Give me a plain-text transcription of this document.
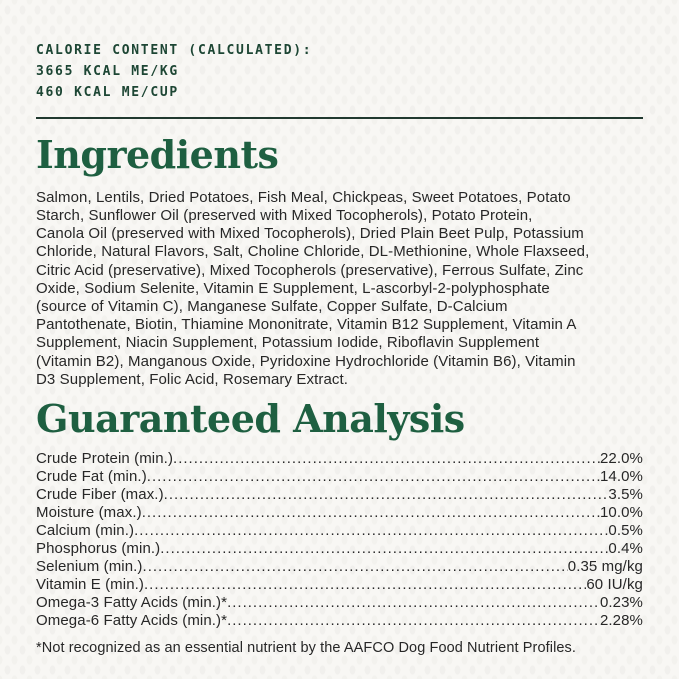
CALORIE CONTENT (CALCULATED):
3665 KCAL ME/KG
460 KCAL ME/CUP
Ingredients
Salmon, Lentils, Dried Potatoes, Fish Meal, Chickpeas, Sweet Potatoes, Potato
Starch, Sunflower Oil (preserved with Mixed Tocopherols), Potato Protein,
Canola Oil (preserved with Mixed Tocopherols), Dried Plain Beet Pulp, Potassium
Chloride, Natural Flavors, Salt, Choline Chloride, DL-Methionine, Whole Flaxseed,
Citric Acid (preservative), Mixed Tocopherols (preservative), Ferrous Sulfate, Zinc
Oxide, Sodium Selenite, Vitamin E Supplement, L-ascorbyl-2-polyphosphate
(source of Vitamin C), Manganese Sulfate, Copper Sulfate, D-Calcium
Pantothenate, Biotin, Thiamine Mononitrate, Vitamin B12 Supplement, Vitamin A
Supplement, Niacin Supplement, Potassium Iodide, Riboflavin Supplement
(Vitamin B2), Manganous Oxide, Pyridoxine Hydrochloride (Vitamin B6), Vitamin
D3 Supplement, Folic Acid, Rosemary Extract.
Guaranteed Analysis
Crude Protein (min.) .....	22.0%
Crude Fat (min.) .....	14.0%
Crude Fiber (max.) .....	3.5%
Moisture (max.) .....	10.0%
Calcium (min.) .....	0.5%
Phosphorus (min.) .....	0.4%
Selenium (min.) .....	0.35 mg/kg
Vitamin E (min.) .....	60 IU/kg
Omega-3 Fatty Acids (min.)* .....	0.23%
Omega-6 Fatty Acids (min.)* .....	2.28%
*Not recognized as an essential nutrient by the AAFCO Dog Food Nutrient Profiles.
